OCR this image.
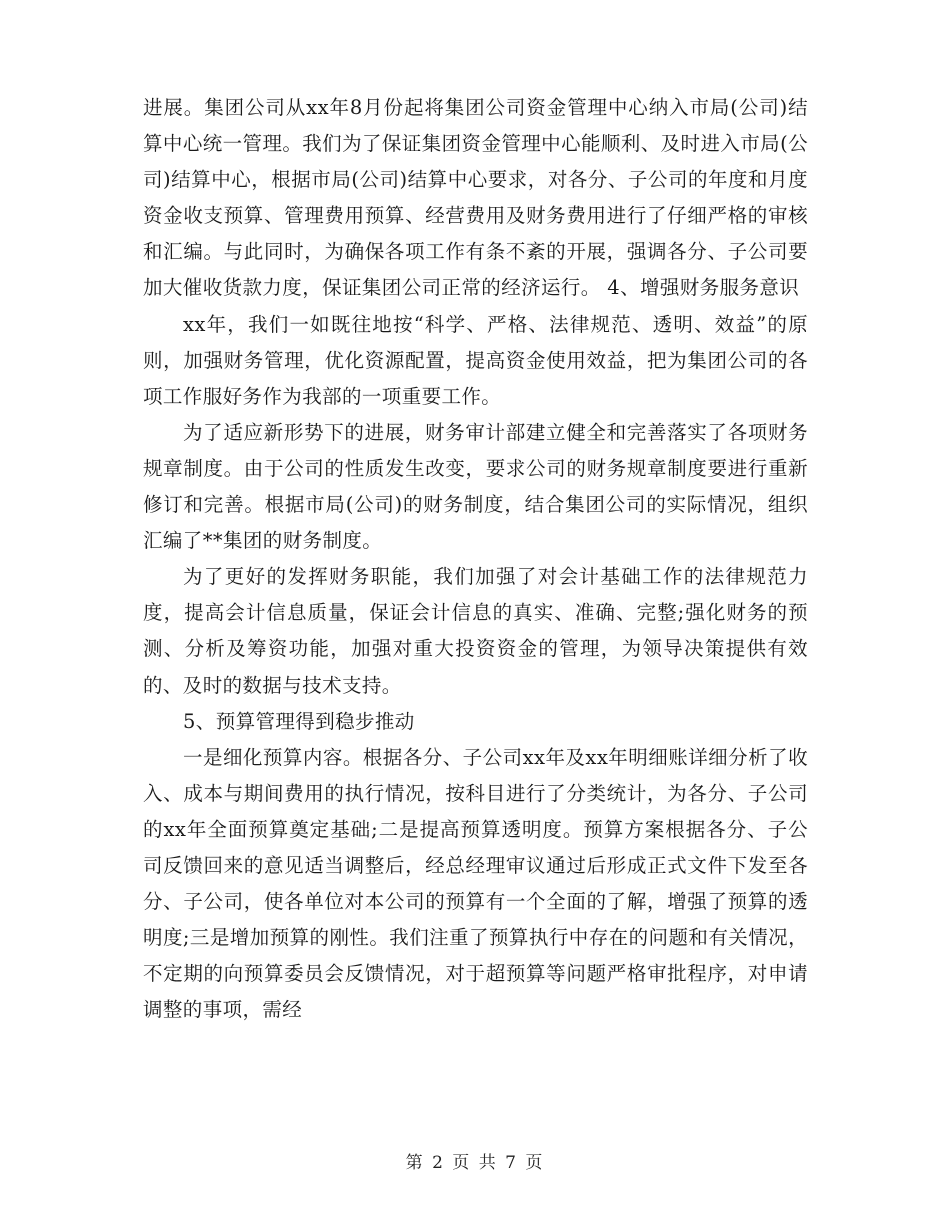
进展。集团公司从xx年8月份起将集团公司资金管理中心纳入市局(公司)结算中心统一管理。我们为了保证集团资金管理中心能顺利、及时进入市局(公司)结算中心，根据市局(公司)结算中心要求，对各分、子公司的年度和月度资金收支预算、管理费用预算、经营费用及财务费用进行了仔细严格的审核和汇编。与此同时，为确保各项工作有条不紊的开展，强调各分、子公司要加大催收货款力度，保证集团公司正常的经济运行。 4、增强财务服务意识

xx年，我们一如既往地按“科学、严格、法律规范、透明、效益”的原则，加强财务管理，优化资源配置，提高资金使用效益，把为集团公司的各项工作服好务作为我部的一项重要工作。

为了适应新形势下的进展，财务审计部建立健全和完善落实了各项财务规章制度。由于公司的性质发生改变，要求公司的财务规章制度要进行重新修订和完善。根据市局(公司)的财务制度，结合集团公司的实际情况，组织汇编了**集团的财务制度。

为了更好的发挥财务职能，我们加强了对会计基础工作的法律规范力度，提高会计信息质量，保证会计信息的真实、准确、完整;强化财务的预测、分析及筹资功能，加强对重大投资资金的管理，为领导决策提供有效的、及时的数据与技术支持。

5、预算管理得到稳步推动

一是细化预算内容。根据各分、子公司xx年及xx年明细账详细分析了收入、成本与期间费用的执行情况，按科目进行了分类统计，为各分、子公司的xx年全面预算奠定基础;二是提高预算透明度。预算方案根据各分、子公司反馈回来的意见适当调整后，经总经理审议通过后形成正式文件下发至各分、子公司，使各单位对本公司的预算有一个全面的了解，增强了预算的透明度;三是增加预算的刚性。我们注重了预算执行中存在的问题和有关情况，不定期的向预算委员会反馈情况，对于超预算等问题严格审批程序，对申请调整的事项，需经

第 2 页 共 7 页
